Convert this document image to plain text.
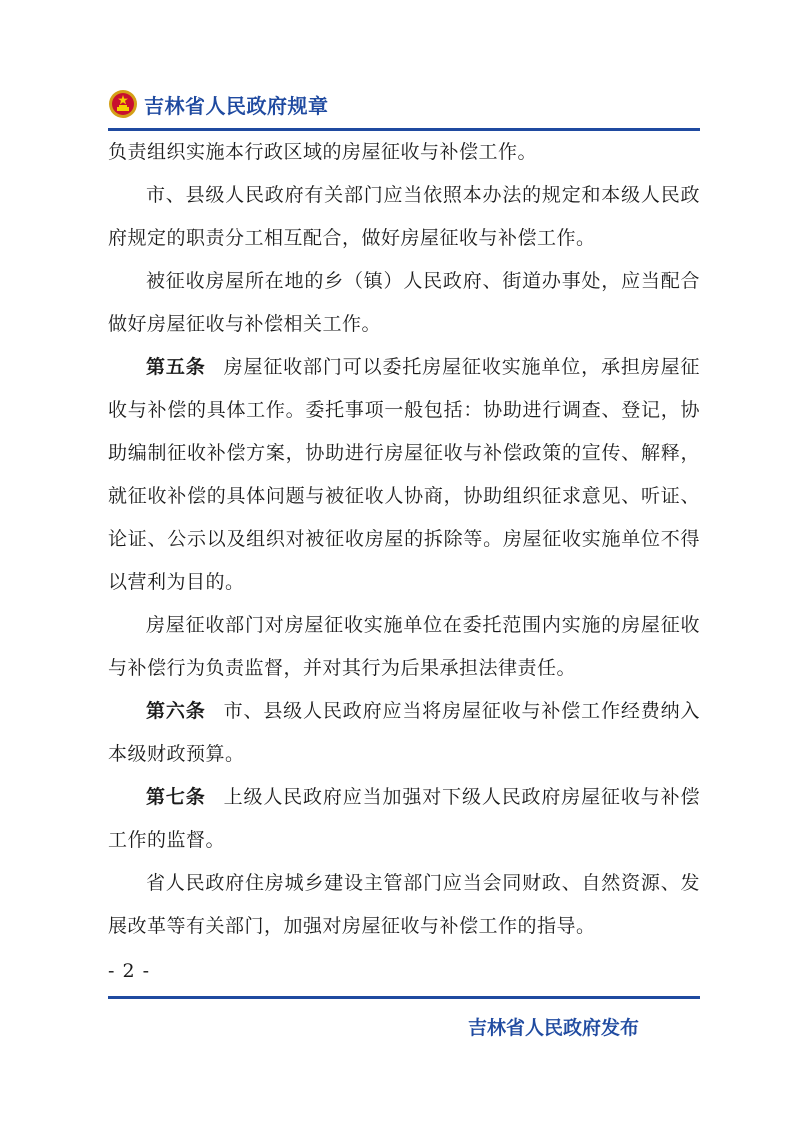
吉林省人民政府规章

负责组织实施本行政区域的房屋征收与补偿工作。

市、县级人民政府有关部门应当依照本办法的规定和本级人民政府规定的职责分工相互配合，做好房屋征收与补偿工作。

被征收房屋所在地的乡（镇）人民政府、街道办事处，应当配合做好房屋征收与补偿相关工作。

第五条 房屋征收部门可以委托房屋征收实施单位，承担房屋征收与补偿的具体工作。委托事项一般包括：协助进行调查、登记，协助编制征收补偿方案，协助进行房屋征收与补偿政策的宣传、解释，就征收补偿的具体问题与被征收人协商，协助组织征求意见、听证、论证、公示以及组织对被征收房屋的拆除等。房屋征收实施单位不得以营利为目的。

房屋征收部门对房屋征收实施单位在委托范围内实施的房屋征收与补偿行为负责监督，并对其行为后果承担法律责任。

第六条 市、县级人民政府应当将房屋征收与补偿工作经费纳入本级财政预算。

第七条 上级人民政府应当加强对下级人民政府房屋征收与补偿工作的监督。

省人民政府住房城乡建设主管部门应当会同财政、自然资源、发展改革等有关部门，加强对房屋征收与补偿工作的指导。

- 2 -
吉林省人民政府发布
